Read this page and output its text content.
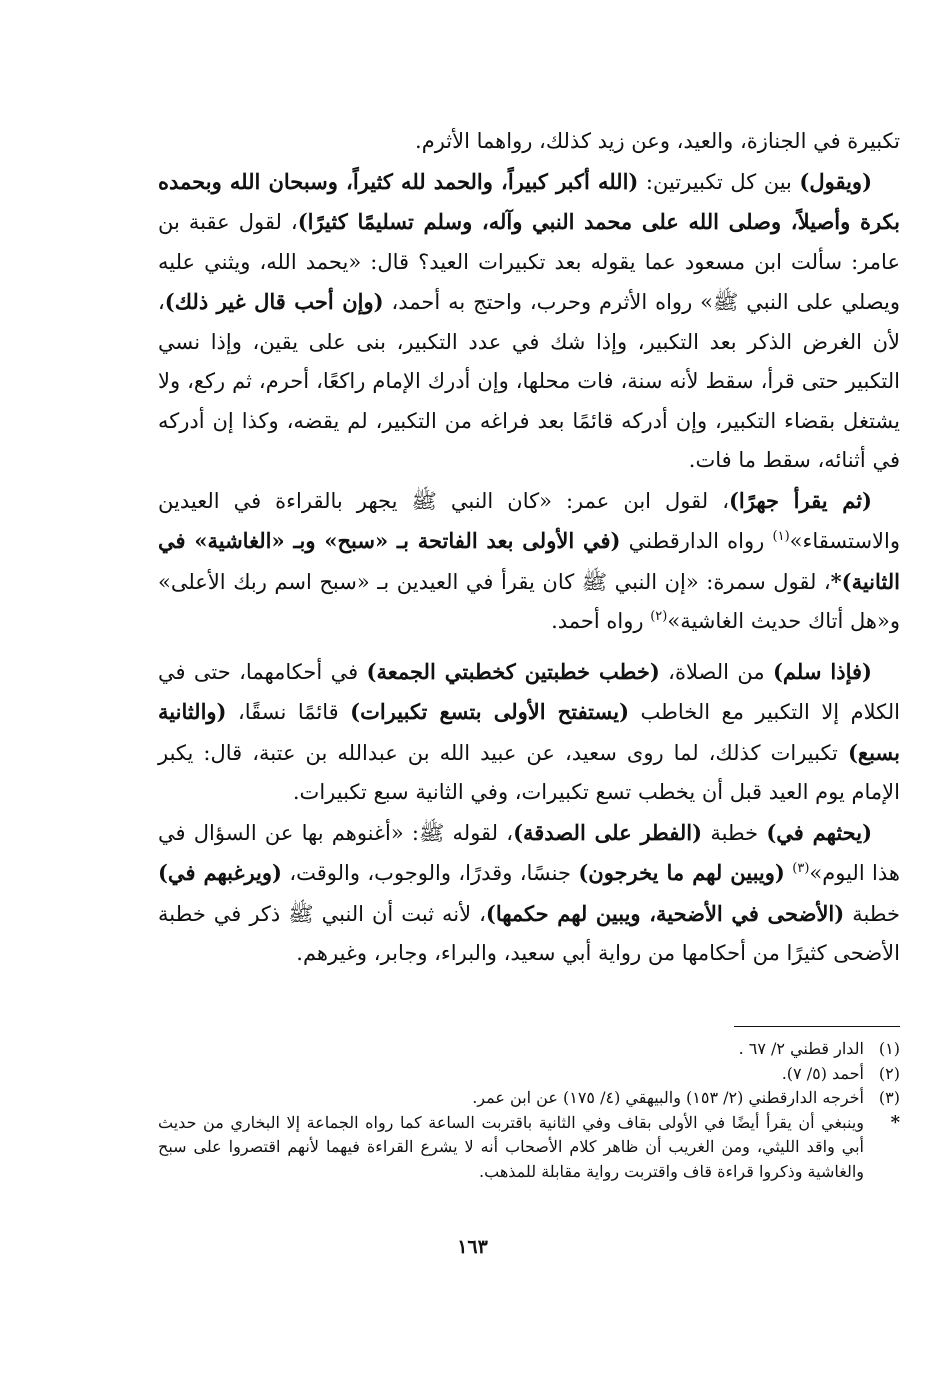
تكبيرة في الجنازة، والعيد، وعن زيد كذلك، رواهما الأثرم.

(ويقول) بين كل تكبيرتين: (الله أكبر كبيراً، والحمد لله كثيراً، وسبحان الله وبحمده بكرة وأصيلاً، وصلى الله على محمد النبي وآله، وسلم تسليمًا كثيرًا)، لقول عقبة بن عامر: سألت ابن مسعود عما يقوله بعد تكبيرات العيد؟ قال: «يحمد الله، ويثني عليه ويصلي على النبي ﷺ» رواه الأثرم وحرب، واحتج به أحمد، (وإن أحب قال غير ذلك)، لأن الغرض الذكر بعد التكبير، وإذا شك في عدد التكبير، بنى على يقين، وإذا نسي التكبير حتى قرأ، سقط لأنه سنة، فات محلها، وإن أدرك الإمام راكعًا، أحرم، ثم ركع، ولا يشتغل بقضاء التكبير، وإن أدركه قائمًا بعد فراغه من التكبير، لم يقضه، وكذا إن أدركه في أثنائه، سقط ما فات.

(ثم يقرأ جهرًا)، لقول ابن عمر: «كان النبي ﷺ يجهر بالقراءة في العيدين والاستسقاء»$^{(١)}$ رواه الدارقطني (في الأولى بعد الفاتحة بـ «سبح» وبـ «الغاشية» في الثانية)*، لقول سمرة: «إن النبي ﷺ كان يقرأ في العيدين بـ «سبح اسم ربك الأعلى» و«هل أتاك حديث الغاشية»$^{(٢)}$ رواه أحمد.

(فإذا سلم) من الصلاة، (خطب خطبتين كخطبتي الجمعة) في أحكامهما، حتى في الكلام إلا التكبير مع الخاطب (يستفتح الأولى بتسع تكبيرات) قائمًا نسقًا، (والثانية بسبع) تكبيرات كذلك، لما روى سعيد، عن عبيد الله بن عبدالله بن عتبة، قال: يكبر الإمام يوم العيد قبل أن يخطب تسع تكبيرات، وفي الثانية سبع تكبيرات.

(يحثهم في) خطبة (الفطر على الصدقة)، لقوله ﷺ: «أغنوهم بها عن السؤال في هذا اليوم»$^{(٣)}$ (ويبين لهم ما يخرجون) جنسًا، وقدرًا، والوجوب، والوقت، (ويرغبهم في) خطبة (الأضحى في الأضحية، ويبين لهم حكمها)، لأنه ثبت أن النبي ﷺ ذكر في خطبة الأضحى كثيرًا من أحكامها من رواية أبي سعيد، والبراء، وجابر، وغيرهم.

(١)
الدار قطني ٢/ ٦٧ .
(٢)
أحمد (٥/ ٧).
(٣)
أخرجه الدارقطني (٢/ ١٥٣) والبيهقي (٤/ ١٧٥) عن ابن عمر.
*
وينبغي أن يقرأ أيضًا في الأولى بقاف وفي الثانية باقتربت الساعة كما رواه الجماعة إلا البخاري من حديث أبي واقد الليثي، ومن الغريب أن ظاهر كلام الأصحاب أنه لا يشرع القراءة فيهما لأنهم اقتصروا على سبح والغاشية وذكروا قراءة قاف واقتربت رواية مقابلة للمذهب.
١٦٣
